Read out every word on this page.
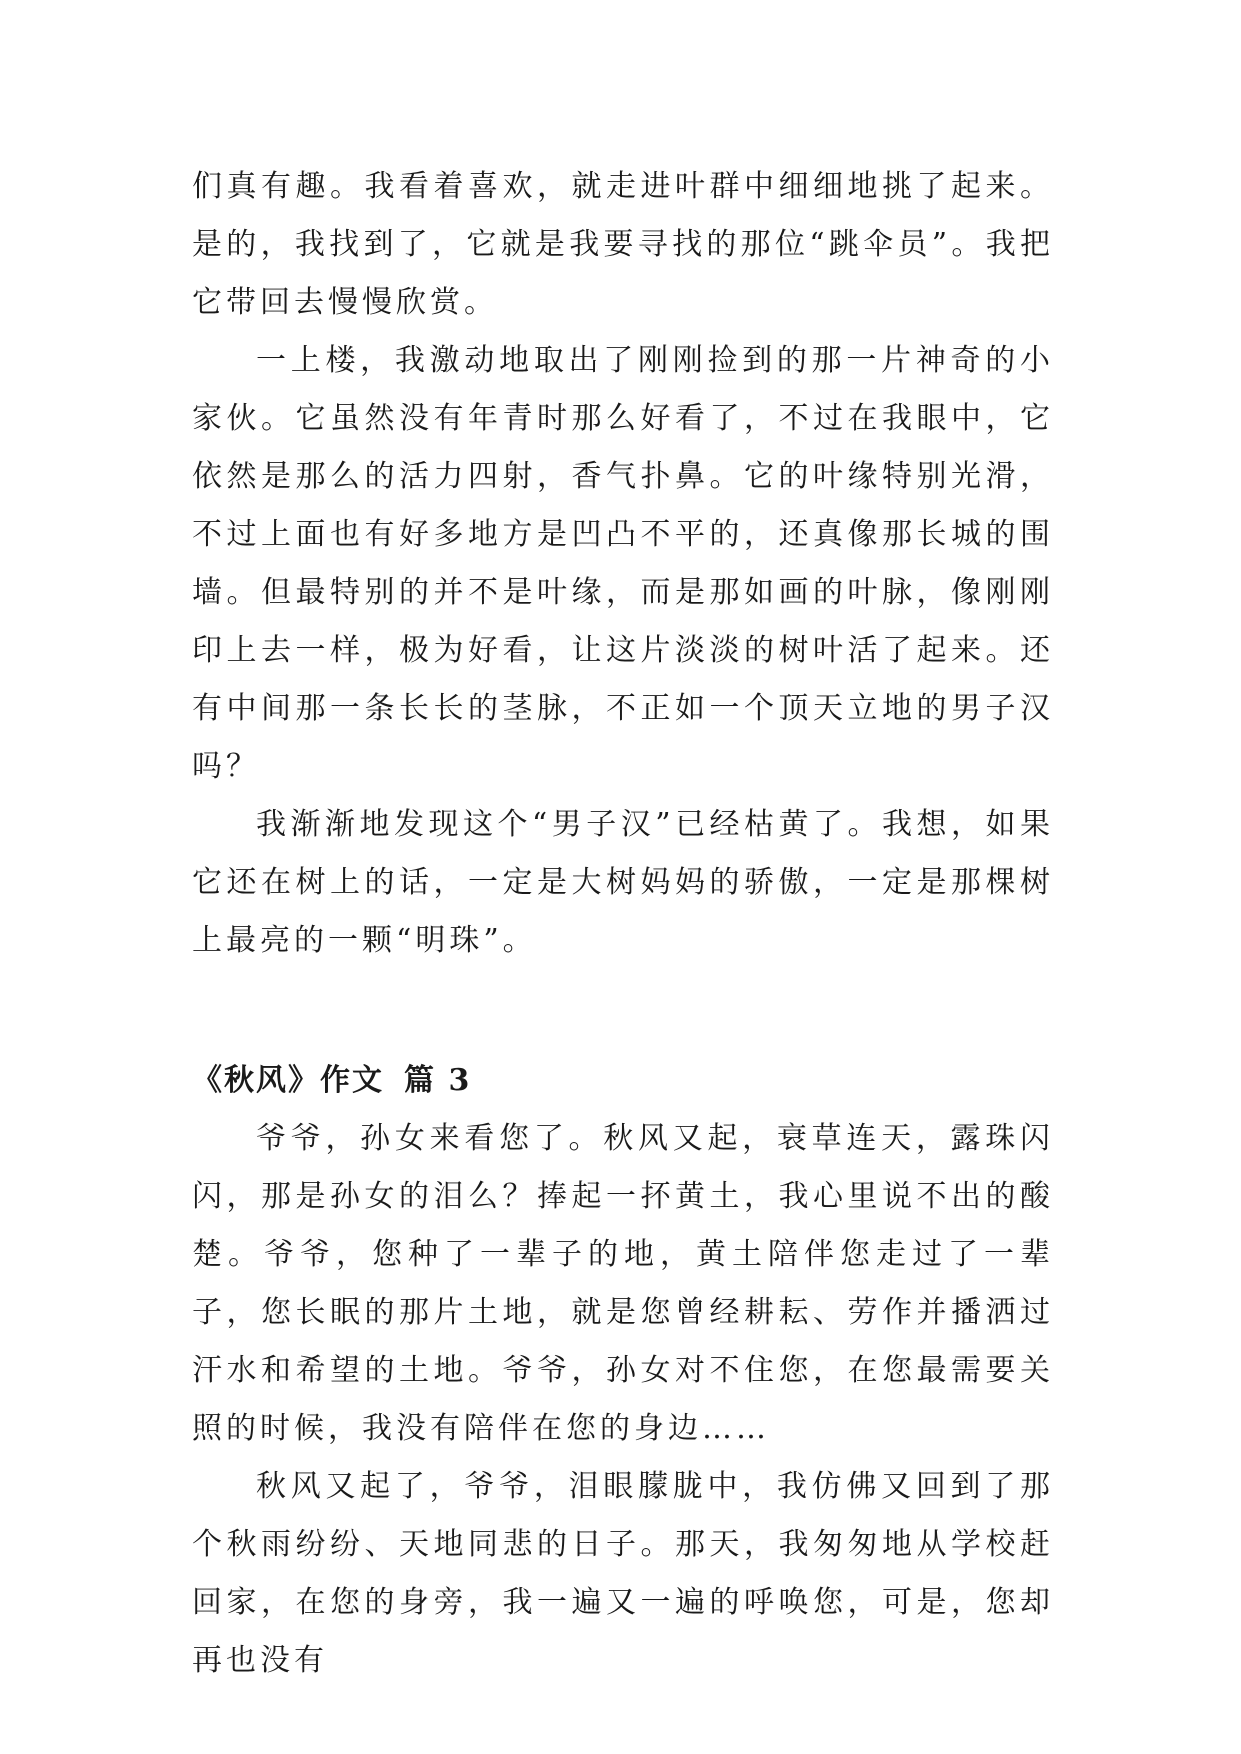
们真有趣。我看着喜欢，就走进叶群中细细地挑了起来。是的，我找到了，它就是我要寻找的那位“跳伞员”。我把它带回去慢慢欣赏。

一上楼，我激动地取出了刚刚捡到的那一片神奇的小家伙。它虽然没有年青时那么好看了，不过在我眼中，它依然是那么的活力四射，香气扑鼻。它的叶缘特别光滑，不过上面也有好多地方是凹凸不平的，还真像那长城的围墙。但最特别的并不是叶缘，而是那如画的叶脉，像刚刚印上去一样，极为好看，让这片淡淡的树叶活了起来。还有中间那一条长长的茎脉，不正如一个顶天立地的男子汉吗？

我渐渐地发现这个“男子汉”已经枯黄了。我想，如果它还在树上的话，一定是大树妈妈的骄傲，一定是那棵树上最亮的一颗“明珠”。

《秋风》作文 篇 3

爷爷，孙女来看您了。秋风又起，衰草连天，露珠闪闪，那是孙女的泪么？捧起一抔黄土，我心里说不出的酸楚。爷爷，您种了一辈子的地，黄土陪伴您走过了一辈子，您长眠的那片土地，就是您曾经耕耘、劳作并播洒过汗水和希望的土地。爷爷，孙女对不住您，在您最需要关照的时候，我没有陪伴在您的身边……

秋风又起了，爷爷，泪眼朦胧中，我仿佛又回到了那个秋雨纷纷、天地同悲的日子。那天，我匆匆地从学校赶回家，在您的身旁，我一遍又一遍的呼唤您，可是，您却再也没有
